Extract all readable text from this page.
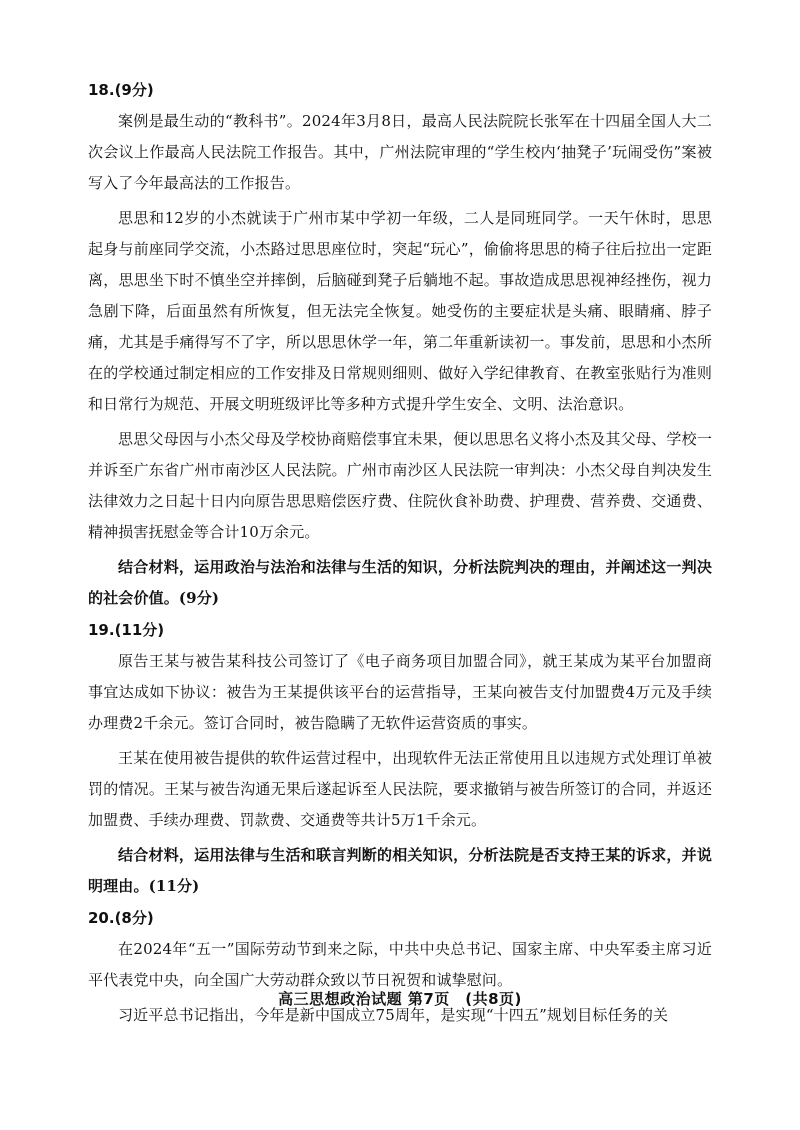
18.(9分)

案例是最生动的“教科书”。2024年3月8日，最高人民法院院长张军在十四届全国人大二次会议上作最高人民法院工作报告。其中，广州法院审理的“学生校内‘抽凳子’玩闹受伤”案被写入了今年最高法的工作报告。

思思和12岁的小杰就读于广州市某中学初一年级，二人是同班同学。一天午休时，思思起身与前座同学交流，小杰路过思思座位时，突起“玩心”，偷偷将思思的椅子往后拉出一定距离，思思坐下时不慎坐空并摔倒，后脑碰到凳子后躺地不起。事故造成思思视神经挫伤，视力急剧下降，后面虽然有所恢复，但无法完全恢复。她受伤的主要症状是头痛、眼睛痛、脖子痛，尤其是手痛得写不了字，所以思思休学一年，第二年重新读初一。事发前，思思和小杰所在的学校通过制定相应的工作安排及日常规则细则、做好入学纪律教育、在教室张贴行为准则和日常行为规范、开展文明班级评比等多种方式提升学生安全、文明、法治意识。

思思父母因与小杰父母及学校协商赔偿事宜未果，便以思思名义将小杰及其父母、学校一并诉至广东省广州市南沙区人民法院。广州市南沙区人民法院一审判决：小杰父母自判决发生法律效力之日起十日内向原告思思赔偿医疗费、住院伙食补助费、护理费、营养费、交通费、精神损害抚慰金等合计10万余元。

结合材料，运用政治与法治和法律与生活的知识，分析法院判决的理由，并阐述这一判决的社会价值。(9分)

19.(11分)

原告王某与被告某科技公司签订了《电子商务项目加盟合同》，就王某成为某平台加盟商事宜达成如下协议：被告为王某提供该平台的运营指导，王某向被告支付加盟费4万元及手续办理费2千余元。签订合同时，被告隐瞒了无软件运营资质的事实。

王某在使用被告提供的软件运营过程中，出现软件无法正常使用且以违规方式处理订单被罚的情况。王某与被告沟通无果后遂起诉至人民法院，要求撤销与被告所签订的合同，并返还加盟费、手续办理费、罚款费、交通费等共计5万1千余元。

结合材料，运用法律与生活和联言判断的相关知识，分析法院是否支持王某的诉求，并说明理由。(11分)

20.(8分)

在2024年“五一”国际劳动节到来之际，中共中央总书记、国家主席、中央军委主席习近平代表党中央，向全国广大劳动群众致以节日祝贺和诚挚慰问。

习近平总书记指出，今年是新中国成立75周年，是实现“十四五”规划目标任务的关

高三思想政治试题 第7页　(共8页)
